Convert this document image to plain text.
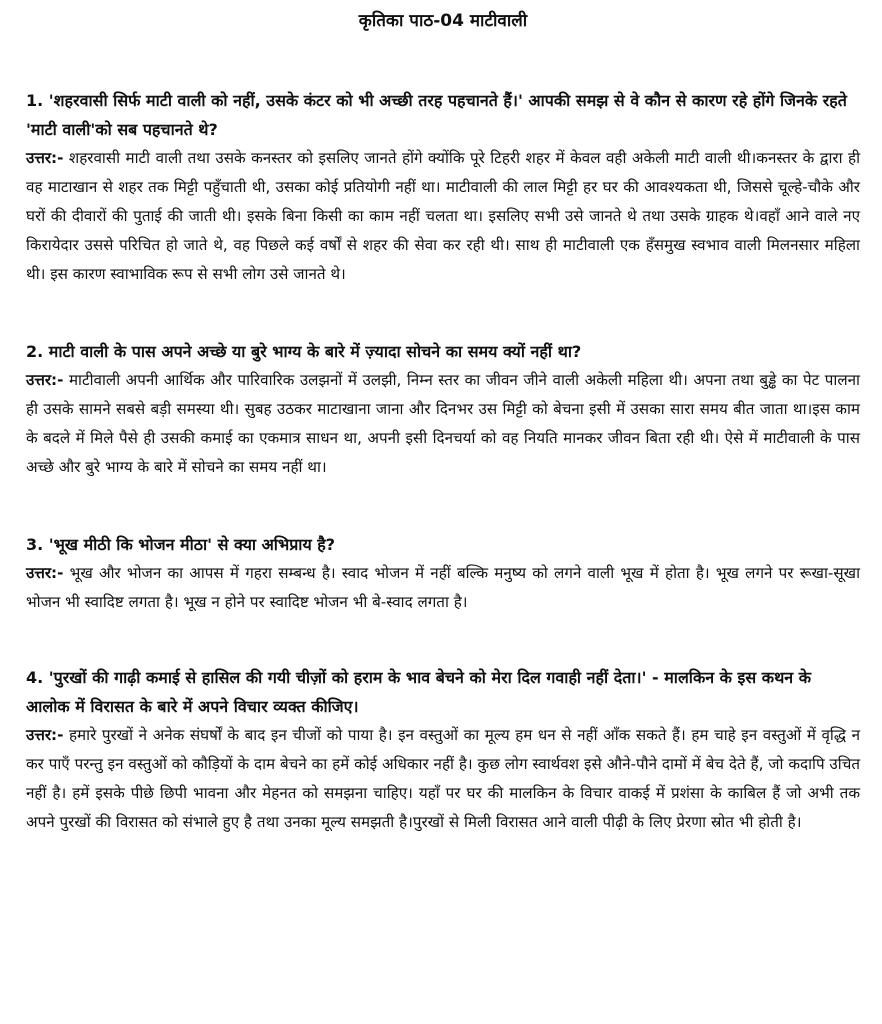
कृतिका पाठ-04 माटीवाली

1. 'शहरवासी सिर्फ माटी वाली को नहीं, उसके कंटर को भी अच्छी तरह पहचानते हैं।' आपकी समझ से वे कौन से कारण रहे होंगे जिनके रहते 'माटी वाली'को सब पहचानते थे?

उत्तर:- शहरवासी माटी वाली तथा उसके कनस्तर को इसलिए जानते होंगे क्योंकि पूरे टिहरी शहर में केवल वही अकेली माटी वाली थी।कनस्तर के द्वारा ही वह माटाखान से शहर तक मिट्टी पहुँचाती थी, उसका कोई प्रतियोगी नहीं था। माटीवाली की लाल मिट्टी हर घर की आवश्यकता थी, जिससे चूल्हे-चौके और घरों की दीवारों की पुताई की जाती थी। इसके बिना किसी का काम नहीं चलता था। इसलिए सभी उसे जानते थे तथा उसके ग्राहक थे।वहाँ आने वाले नए किरायेदार उससे परिचित हो जाते थे, वह पिछले कई वर्षों से शहर की सेवा कर रही थी। साथ ही माटीवाली एक हँसमुख स्वभाव वाली मिलनसार महिला थी। इस कारण स्वाभाविक रूप से सभी लोग उसे जानते थे।

2. माटी वाली के पास अपने अच्छे या बुरे भाग्य के बारे में ज़्यादा सोचने का समय क्यों नहीं था?

उत्तर:- माटीवाली अपनी आर्थिक और पारिवारिक उलझनों में उलझी, निम्न स्तर का जीवन जीने वाली अकेली महिला थी। अपना तथा बुड्ढे का पेट पालना ही उसके सामने सबसे बड़ी समस्या थी। सुबह उठकर माटाखाना जाना और दिनभर उस मिट्टी को बेचना इसी में उसका सारा समय बीत जाता था।इस काम के बदले में मिले पैसे ही उसकी कमाई का एकमात्र साधन था, अपनी इसी दिनचर्या को वह नियति मानकर जीवन बिता रही थी। ऐसे में माटीवाली के पास अच्छे और बुरे भाग्य के बारे में सोचने का समय नहीं था।

3. 'भूख मीठी कि भोजन मीठा' से क्या अभिप्राय है?

उत्तर:- भूख और भोजन का आपस में गहरा सम्बन्ध है। स्वाद भोजन में नहीं बल्कि मनुष्य को लगने वाली भूख में होता है। भूख लगने पर रूखा-सूखा भोजन भी स्वादिष्ट लगता है। भूख न होने पर स्वादिष्ट भोजन भी बे-स्वाद लगता है।

4. 'पुरखों की गाढ़ी कमाई से हासिल की गयी चीज़ों को हराम के भाव बेचने को मेरा दिल गवाही नहीं देता।' - मालकिन के इस कथन के आलोक में विरासत के बारे में अपने विचार व्यक्त कीजिए।

उत्तर:- हमारे पुरखों ने अनेक संघर्षों के बाद इन चीजों को पाया है। इन वस्तुओं का मूल्य हम धन से नहीं आँक सकते हैं। हम चाहे इन वस्तुओं में वृद्धि न कर पाएँ परन्तु इन वस्तुओं को कौड़ियों के दाम बेचने का हमें कोई अधिकार नहीं है। कुछ लोग स्वार्थवश इसे औने-पौने दामों में बेच देते हैं, जो कदापि उचित नहीं है। हमें इसके पीछे छिपी भावना और मेहनत को समझना चाहिए। यहाँ पर घर की मालकिन के विचार वाकई में प्रशंसा के काबिल हैं जो अभी तक अपने पुरखों की विरासत को संभाले हुए है तथा उनका मूल्य समझती है।पुरखों से मिली विरासत आने वाली पीढ़ी के लिए प्रेरणा स्रोत भी होती है।
